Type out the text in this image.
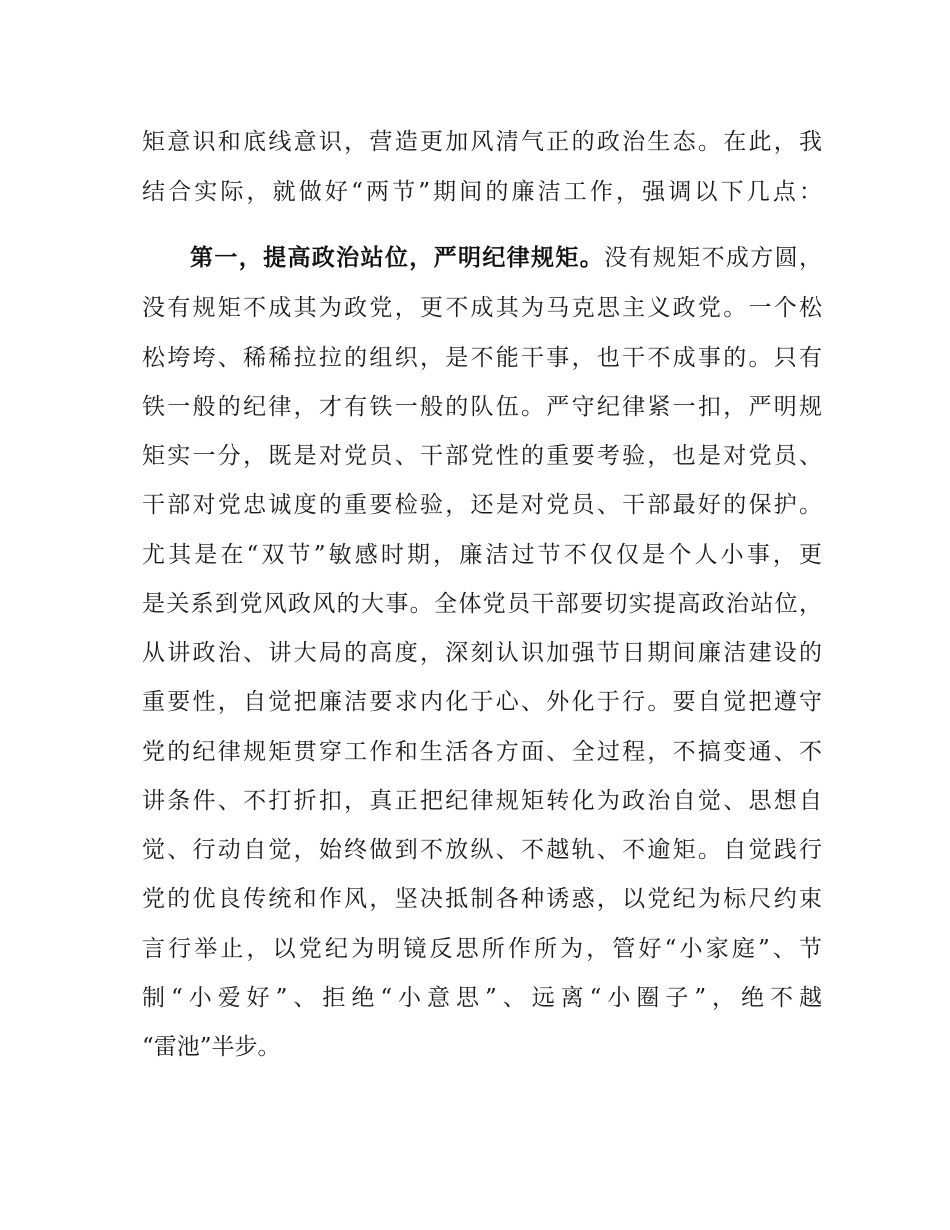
矩意识和底线意识，营造更加风清气正的政治生态。在此，我
结合实际，就做好“两节”期间的廉洁工作，强调以下几点：
第一，提高政治站位，严明纪律规矩。没有规矩不成方圆，
没有规矩不成其为政党，更不成其为马克思主义政党。一个松
松垮垮、稀稀拉拉的组织，是不能干事，也干不成事的。只有
铁一般的纪律，才有铁一般的队伍。严守纪律紧一扣，严明规
矩实一分，既是对党员、干部党性的重要考验，也是对党员、
干部对党忠诚度的重要检验，还是对党员、干部最好的保护。
尤其是在“双节”敏感时期，廉洁过节不仅仅是个人小事，更
是关系到党风政风的大事。全体党员干部要切实提高政治站位，
从讲政治、讲大局的高度，深刻认识加强节日期间廉洁建设的
重要性，自觉把廉洁要求内化于心、外化于行。要自觉把遵守
党的纪律规矩贯穿工作和生活各方面、全过程，不搞变通、不
讲条件、不打折扣，真正把纪律规矩转化为政治自觉、思想自
觉、行动自觉，始终做到不放纵、不越轨、不逾矩。自觉践行
党的优良传统和作风，坚决抵制各种诱惑，以党纪为标尺约束
言行举止，以党纪为明镜反思所作所为，管好“小家庭”、节
制“小爱好”、拒绝“小意思”、远离“小圈子”，绝不越
“雷池”半步。
